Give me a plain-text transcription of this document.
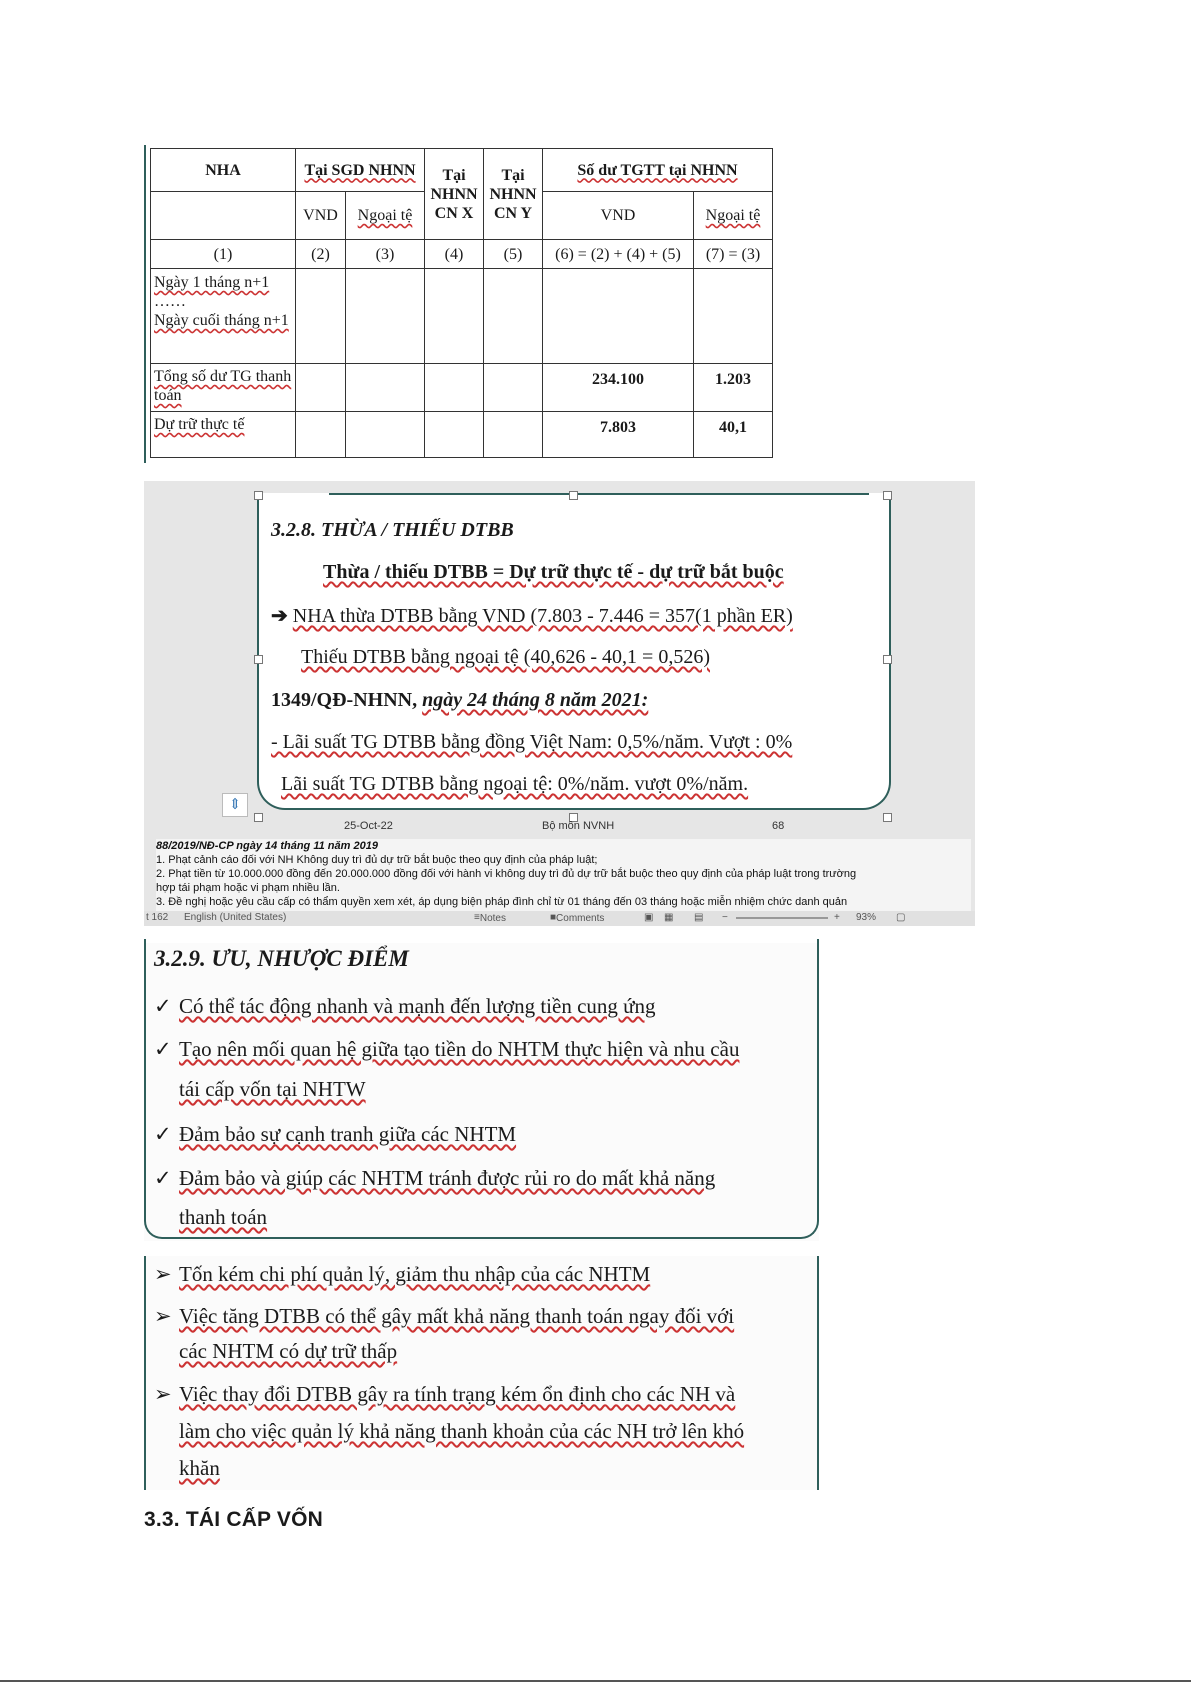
NHA	Tại SGD NHNN		Tại NHNN CN X	Tại NHNN CN Y	Số dư TGTT tại NHNN	
	VND	Ngoại tệ			VND	Ngoại tệ
(1)	(2)	(3)	(4)	(5)	(6) = (2) + (4) + (5)	(7) = (3)

Ngày 1 tháng n+1
……
Ngày cuối tháng n+1						

Tổng số dư TG thanh toán					234.100	1.203
Dự trữ thực tế					7.803	40,1
3.2.8. THỪA / THIẾU DTBB
Thừa / thiếu DTBB = Dự trữ thực tế - dự trữ bắt buộc
➔ NHA thừa DTBB bằng VND (7.803 - 7.446 = 357(1 phần ER)
Thiếu DTBB bằng ngoại tệ (40,626 - 40,1 = 0,526)
1349/QĐ-NHNN, ngày 24 tháng 8 năm 2021:
- Lãi suất TG DTBB bằng đồng Việt Nam: 0,5%/năm. Vượt : 0%
Lãi suất TG DTBB bằng ngoại tệ: 0%/năm. vượt 0%/năm.
⇕
25-Oct-22	Bộ môn NVNH	68
88/2019/NĐ-CP ngày 14 tháng 11 năm 2019
1. Phạt cảnh cáo đối với NH Không duy trì đủ dự trữ bắt buộc theo quy định của pháp luật;
2. Phạt tiền từ 10.000.000 đồng đến 20.000.000 đồng đối với hành vi không duy trì đủ dự trữ bắt buộc theo quy định của pháp luật trong trường
hợp tái phạm hoặc vi phạm nhiều lần.
3. Đề nghị hoặc yêu cầu cấp có thẩm quyền xem xét, áp dụng biện pháp đình chỉ từ 01 tháng đến 03 tháng hoặc miễn nhiệm chức danh quản
t 162 English (United States)	≡ Notes	■ Comments	▣ ▦ ▤ −	+ 93% ▢
3.2.9. ƯU, NHƯỢC ĐIỂM
✓ Có thể tác động nhanh và mạnh đến lượng tiền cung ứng
✓ Tạo nên mối quan hệ giữa tạo tiền do NHTM thực hiện và nhu cầu
tái cấp vốn tại NHTW
✓ Đảm bảo sự cạnh tranh giữa các NHTM
✓ Đảm bảo và giúp các NHTM tránh được rủi ro do mất khả năng
thanh toán
➢ Tốn kém chi phí quản lý, giảm thu nhập của các NHTM
➢ Việc tăng DTBB có thể gây mất khả năng thanh toán ngay đối với
các NHTM có dự trữ thấp
➢ Việc thay đổi DTBB gây ra tính trạng kém ổn định cho các NH và
làm cho việc quản lý khả năng thanh khoản của các NH trở lên khó
khăn
3.3. TÁI CẤP VỐN
